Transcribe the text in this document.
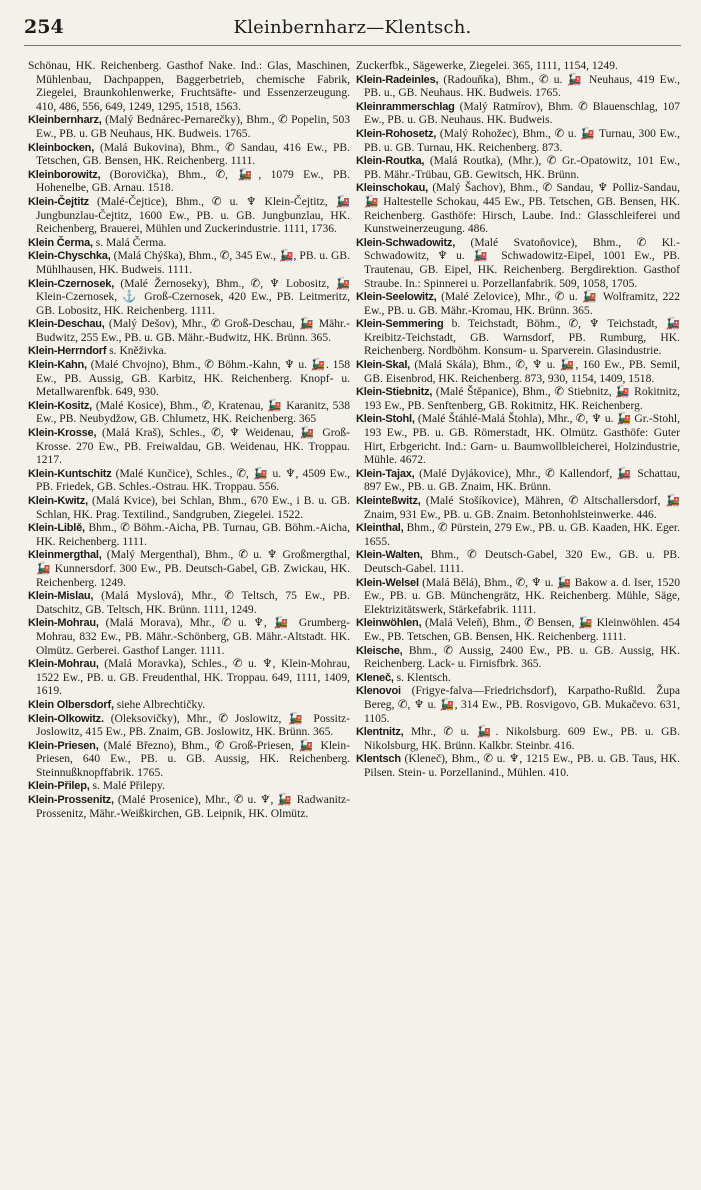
254	Kleinbernharz—Klentsch.
Schönau, HK. Reichenberg. Gasthof Nake. Ind.: Glas, Maschinen, Mühlenbau, Dachpappen, Baggerbetrieb, chemische Fabrik, Ziegelei, Braunkohlenwerke, Fruchtsäfte- und Essenzerzeugung. 410, 486, 556, 649, 1249, 1295, 1518, 1563.
Kleinbernharz, (Malý Bednárec-Pernarečky), Bhm., ✆ Popelin, 503 Ew., PB. u. GB Neuhaus, HK. Budweis. 1765.
Kleinbocken, (Malá Bukovina), Bhm., ✆ Sandau, 416 Ew., PB. Tetschen, GB. Bensen, HK. Reichenberg. 1111.
Kleinborowitz, (Borovička), Bhm., ✆, 🚂, 1079 Ew., PB. Hohenelbe, GB. Arnau. 1518.
Klein-Čejtitz (Malé-Čejtice), Bhm., ✆ u. ♆ Klein-Čejtitz, 🚂 Jungbunzlau-Čejtitz, 1600 Ew., PB. u. GB. Jungbunzlau, HK. Reichenberg, Brauerei, Mühlen und Zuckerindustrie. 1111, 1736.
Klein Čerma, s. Malá Čerma.
Klein-Chyschka, (Malá Chýška), Bhm., ✆, 345 Ew., 🚂, PB. u. GB. Mühlhausen, HK. Budweis. 1111.
Klein-Czernosek, (Malé Žernoseky), Bhm., ✆, ♆ Lobositz, 🚂 Klein-Czernosek, ⚓ Groß-Czernosek, 420 Ew., PB. Leitmeritz, GB. Lobositz, HK. Reichenberg. 1111.
Klein-Deschau, (Malý Dešov), Mhr., ✆ Groß-Deschau, 🚂 Mähr.-Budwitz, 255 Ew., PB. u. GB. Mähr.-Budwitz, HK. Brünn. 365.
Klein-Herrndorf s. Kněživka.
Klein-Kahn, (Malé Chvojno), Bhm., ✆ Böhm.-Kahn, ♆ u. 🚂. 158 Ew., PB. Aussig, GB. Karbitz, HK. Reichenberg. Knopf- u. Metallwarenfbk. 649, 930.
Klein-Kositz, (Malé Kosice), Bhm., ✆, Kratenau, 🚂 Karanitz, 538 Ew., PB. Neubydžow, GB. Chlumetz, HK. Reichenberg. 365
Klein-Krosse, (Malá Kraš), Schles., ✆, ♆ Weidenau, 🚂 Groß-Krosse. 270 Ew., PB. Freiwaldau, GB. Weidenau, HK. Troppau. 1217.
Klein-Kuntschitz (Malé Kunčice), Schles., ✆, 🚂 u. ♆, 4509 Ew., PB. Friedek, GB. Schles.-Ostrau. HK. Troppau. 556.
Klein-Kwitz, (Malá Kvice), bei Schlan, Bhm., 670 Ew., i B. u. GB. Schlan, HK. Prag. Textilind., Sandgruben, Ziegelei. 1522.
Klein-Liblě, Bhm., ✆ Böhm.-Aicha, PB. Turnau, GB. Böhm.-Aicha, HK. Reichenberg. 1111.
Kleinmergthal, (Malý Mergenthal), Bhm., ✆ u. ♆ Großmergthal, 🚂 Kunnersdorf. 300 Ew., PB. Deutsch-Gabel, GB. Zwickau, HK. Reichenberg. 1249.
Klein-Mislau, (Malá Myslová), Mhr., ✆ Teltsch, 75 Ew., PB. Datschitz, GB. Teltsch, HK. Brünn. 1111, 1249.
Klein-Mohrau, (Malá Morava), Mhr., ✆ u. ♆, 🚂 Grumberg-Mohrau, 832 Ew., PB. Mähr.-Schönberg, GB. Mähr.-Altstadt. HK. Olmütz. Gerberei. Gasthof Langer. 1111.
Klein-Mohrau, (Malá Moravka), Schles., ✆ u. ♆, Klein-Mohrau, 1522 Ew., PB. u. GB. Freudenthal, HK. Troppau. 649, 1111, 1409, 1619.
Klein Olbersdorf, siehe Albrechtičky.
Klein-Olkowitz. (Oleksovičky), Mhr., ✆ Joslowitz, 🚂 Possitz-Joslowitz, 415 Ew., PB. Znaim, GB. Joslowitz, HK. Brünn. 365.
Klein-Priesen, (Malé Březno), Bhm., ✆ Groß-Priesen, 🚂 Klein-Priesen, 640 Ew., PB. u. GB. Aussig, HK. Reichenberg. Steinnußknopffabrik. 1765.
Klein-Přilep, s. Malé Přilepy.
Klein-Prossenitz, (Malé Prosenice), Mhr., ✆ u. ♆, 🚂 Radwanitz-Prossenitz, Mähr.-Weißkirchen, GB. Leipnik, HK. Olmütz.
Zuckerfbk., Sägewerke, Ziegelei. 365, 1111, 1154, 1249.
Klein-Radeinles, (Radouňka), Bhm., ✆ u. 🚂 Neuhaus, 419 Ew., PB. u., GB. Neuhaus. HK. Budweis. 1765.
Kleinrammerschlag (Malý Ratmírov), Bhm. ✆ Blauenschlag, 107 Ew., PB. u. GB. Neuhaus. HK. Budweis.
Klein-Rohosetz, (Malý Rohožec), Bhm., ✆ u. 🚂 Turnau, 300 Ew., PB. u. GB. Turnau, HK. Reichenberg. 873.
Klein-Routka, (Malá Routka), (Mhr.), ✆ Gr.-Opatowitz, 101 Ew., PB. Mähr.-Trübau, GB. Gewitsch, HK. Brünn.
Kleinschokau, (Malý Šachov), Bhm., ✆ Sandau, ♆ Polliz-Sandau, 🚂 Haltestelle Schokau, 445 Ew., PB. Tetschen, GB. Bensen, HK. Reichenberg. Gasthöfe: Hirsch, Laube. Ind.: Glasschleiferei und Kunstweinerzeugung. 486.
Klein-Schwadowitz, (Malé Svatoňovice), Bhm., ✆ Kl.-Schwadowitz, ♆ u. 🚂 Schwadowitz-Eipel, 1001 Ew., PB. Trautenau, GB. Eipel, HK. Reichenberg. Bergdirektion. Gasthof Straube. In.: Spinnerei u. Porzellanfabrik. 509, 1058, 1705.
Klein-Seelowitz, (Malé Zelovice), Mhr., ✆ u. 🚂 Wolframitz, 222 Ew., PB. u. GB. Mähr.-Kromau, HK. Brünn. 365.
Klein-Semmering b. Teichstadt, Böhm., ✆, ♆ Teichstadt, 🚂 Kreibitz-Teichstadt, GB. Warnsdorf, PB. Rumburg, HK. Reichenberg. Nordböhm. Konsum- u. Sparverein. Glasindustrie.
Klein-Skal, (Malá Skála), Bhm., ✆, ♆ u. 🚂, 160 Ew., PB. Semil, GB. Eisenbrod, HK. Reichenberg. 873, 930, 1154, 1409, 1518.
Klein-Stiebnitz, (Malé Štěpanice), Bhm., ✆ Stiebnitz, 🚂 Rokitnitz, 193 Ew., PB. Senftenberg, GB. Rokitnitz, HK. Reichenberg.
Klein-Stohl, (Malé Štáhlé-Malá Štohla), Mhr., ✆, ♆ u. 🚂 Gr.-Stohl, 193 Ew., PB. u. GB. Römerstadt, HK. Olmütz. Gasthöfe: Guter Hirt, Erbgericht. Ind.: Garn- u. Baumwollbleicherei, Holzindustrie, Mühle. 4672.
Klein-Tajax, (Malé Dyjákovice), Mhr., ✆ Kallendorf, 🚂 Schattau, 897 Ew., PB. u. GB. Znaim, HK. Brünn.
Kleinteßwitz, (Malé Stošíkovice), Mähren, ✆ Altschallersdorf, 🚂 Znaim, 931 Ew., PB. u. GB. Znaim. Betonhohlsteinwerke. 446.
Kleinthal, Bhm., ✆ Pürstein, 279 Ew., PB. u. GB. Kaaden, HK. Eger. 1655.
Klein-Walten, Bhm., ✆ Deutsch-Gabel, 320 Ew., GB. u. PB. Deutsch-Gabel. 1111.
Klein-Welsel (Malá Bělá), Bhm., ✆, ♆ u. 🚂 Bakow a. d. Iser, 1520 Ew., PB. u. GB. Münchengrätz, HK. Reichenberg. Mühle, Säge, Elektrizitätswerk, Stärkefabrik. 1111.
Kleinwöhlen, (Malá Veleň), Bhm., ✆ Bensen, 🚂 Kleinwöhlen. 454 Ew., PB. Tetschen, GB. Bensen, HK. Reichenberg. 1111.
Kleische, Bhm., ✆ Aussig, 2400 Ew., PB. u. GB. Aussig, HK. Reichenberg. Lack- u. Firnisfbrk. 365.
Kleneč, s. Klentsch.
Klenovoi (Frigye-falva—Friedrichsdorf), Karpatho-Rußld. Župa Bereg, ✆, ♆ u. 🚂, 314 Ew., PB. Rosvigovo, GB. Mukačevo. 631, 1105.
Klentnitz, Mhr., ✆ u. 🚂. Nikolsburg. 609 Ew., PB. u. GB. Nikolsburg, HK. Brünn. Kalkbr. Steinbr. 416.
Klentsch (Kleneč), Bhm., ✆ u. ♆, 1215 Ew., PB. u. GB. Taus, HK. Pilsen. Stein- u. Porzellanind., Mühlen. 410.
